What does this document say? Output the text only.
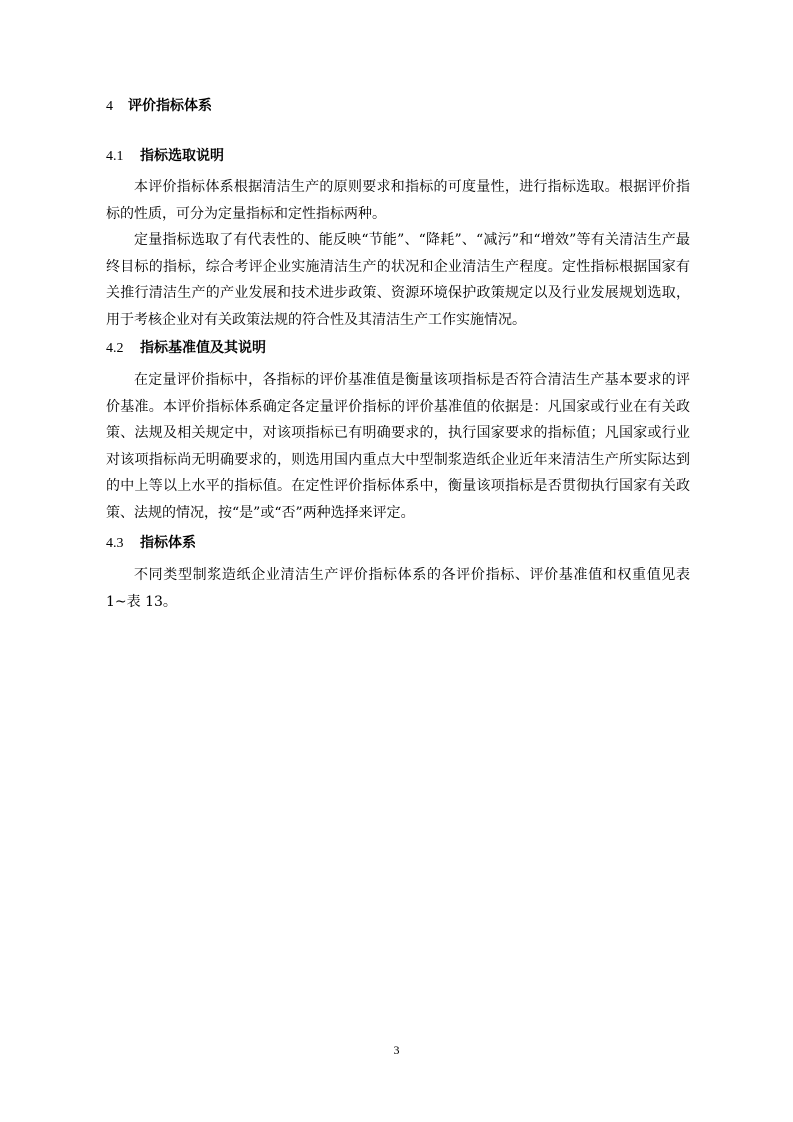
4 评价指标体系
4.1 指标选取说明

本评价指标体系根据清洁生产的原则要求和指标的可度量性，进行指标选取。根据评价指标的性质，可分为定量指标和定性指标两种。

定量指标选取了有代表性的、能反映“节能”、“降耗”、“减污”和“增效”等有关清洁生产最终目标的指标，综合考评企业实施清洁生产的状况和企业清洁生产程度。定性指标根据国家有关推行清洁生产的产业发展和技术进步政策、资源环境保护政策规定以及行业发展规划选取，用于考核企业对有关政策法规的符合性及其清洁生产工作实施情况。

4.2 指标基准值及其说明

在定量评价指标中，各指标的评价基准值是衡量该项指标是否符合清洁生产基本要求的评价基准。本评价指标体系确定各定量评价指标的评价基准值的依据是：凡国家或行业在有关政策、法规及相关规定中，对该项指标已有明确要求的，执行国家要求的指标值；凡国家或行业对该项指标尚无明确要求的，则选用国内重点大中型制浆造纸企业近年来清洁生产所实际达到的中上等以上水平的指标值。在定性评价指标体系中，衡量该项指标是否贯彻执行国家有关政策、法规的情况，按“是”或“否”两种选择来评定。

4.3 指标体系

不同类型制浆造纸企业清洁生产评价指标体系的各评价指标、评价基准值和权重值见表 1~表 13。

3
